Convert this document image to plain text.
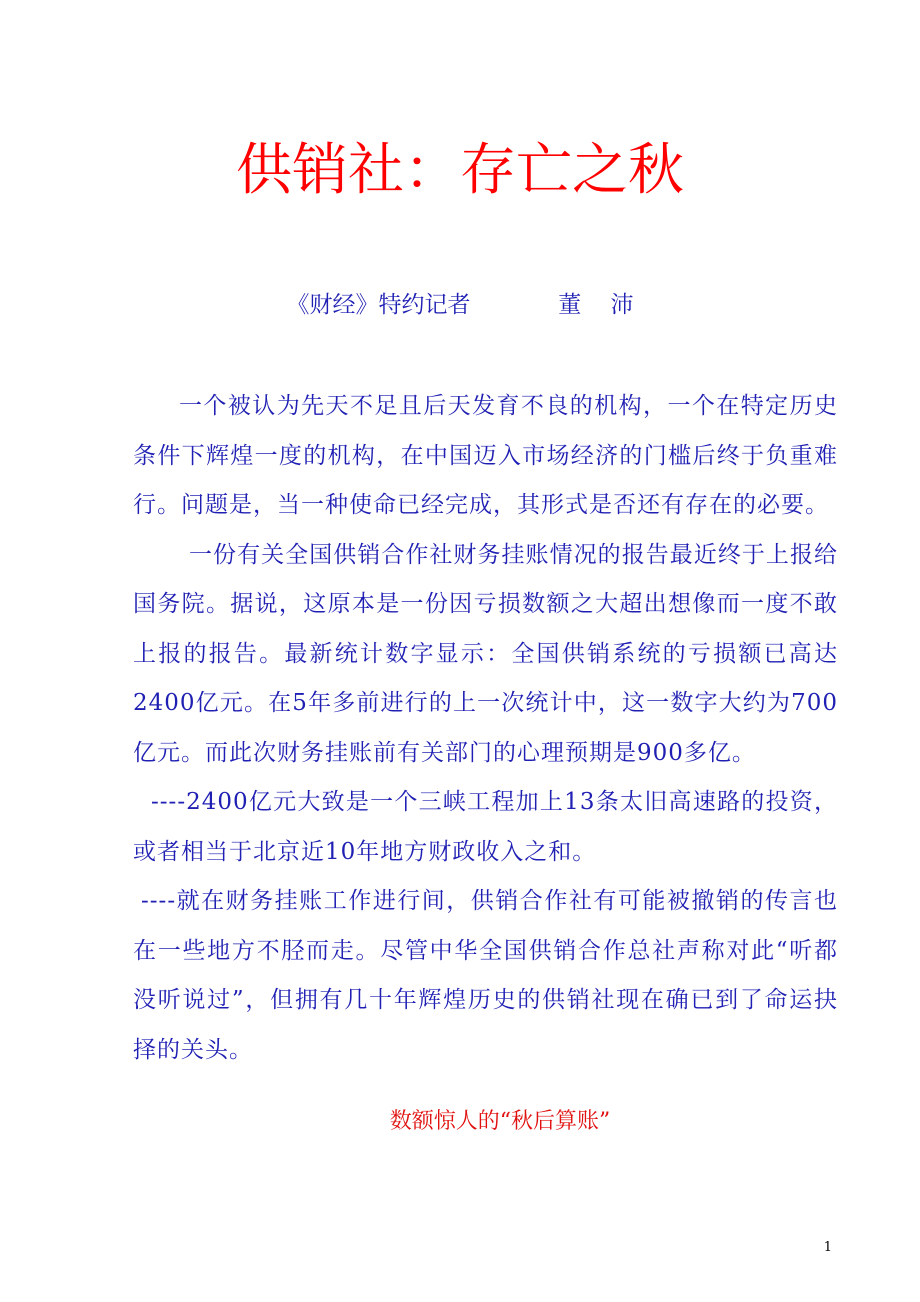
供销社：存亡之秋

《财经》特约记者            董    沛

一个被认为先天不足且后天发育不良的机构，一个在特定历史条件下辉煌一度的机构，在中国迈入市场经济的门槛后终于负重难行。问题是，当一种使命已经完成，其形式是否还有存在的必要。

一份有关全国供销合作社财务挂账情况的报告最近终于上报给国务院。据说，这原本是一份因亏损数额之大超出想像而一度不敢上报的报告。最新统计数字显示：全国供销系统的亏损额已高达2400亿元。在5年多前进行的上一次统计中，这一数字大约为700亿元。而此次财务挂账前有关部门的心理预期是900多亿。

----2400亿元大致是一个三峡工程加上13条太旧高速路的投资，或者相当于北京近10年地方财政收入之和。

----就在财务挂账工作进行间，供销合作社有可能被撤销的传言也在一些地方不胫而走。尽管中华全国供销合作总社声称对此“听都没听说过”，但拥有几十年辉煌历史的供销社现在确已到了命运抉择的关头。

数额惊人的“秋后算账”
1
